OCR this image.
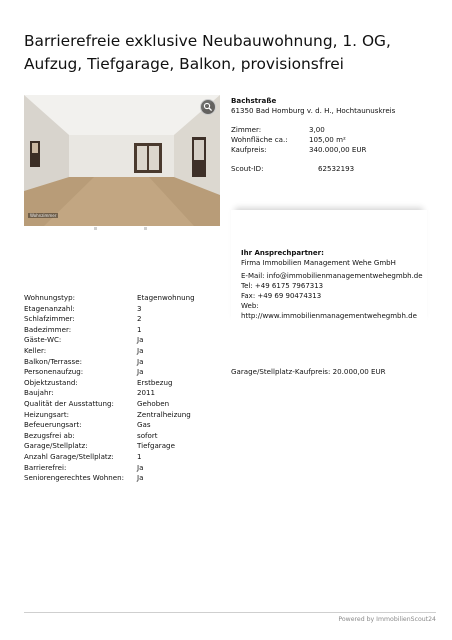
Barrierefreie exklusive Neubauwohnung, 1. OG, Aufzug, Tiefgarage, Balkon, provisionsfrei
Wohnzimmer
Bachstraße
61350 Bad Homburg v. d. H., Hochtaunuskreis
Zimmer:	3,00
Wohnfläche ca.:	105,00 m²
Kaufpreis:	340.000,00 EUR
Scout-ID:	62532193
Ihr Ansprechpartner:
Firma Immobilien Management Wehe GmbH
E-Mail: info@immobilienmanagementwehegmbh.de
Tel: +49 6175 7967313
Fax: +49 69 90474313
Web:
http://www.immobilienmanagementwehegmbh.de
Wohnungstyp:	Etagenwohnung
Etagenanzahl:	3
Schlafzimmer:	2
Badezimmer:	1
Gäste-WC:	Ja
Keller:	Ja
Balkon/Terrasse:	Ja
Personenaufzug:	Ja
Objektzustand:	Erstbezug
Baujahr:	2011
Qualität der Ausstattung:	Gehoben
Heizungsart:	Zentralheizung
Befeuerungsart:	Gas
Bezugsfrei ab:	sofort
Garage/Stellplatz:	Tiefgarage
Anzahl Garage/Stellplatz:	1
Barrierefrei:	Ja
Seniorengerechtes Wohnen: Ja
Garage/Stellplatz-Kaufpreis: 20.000,00 EUR
Powered by ImmobilienScout24
